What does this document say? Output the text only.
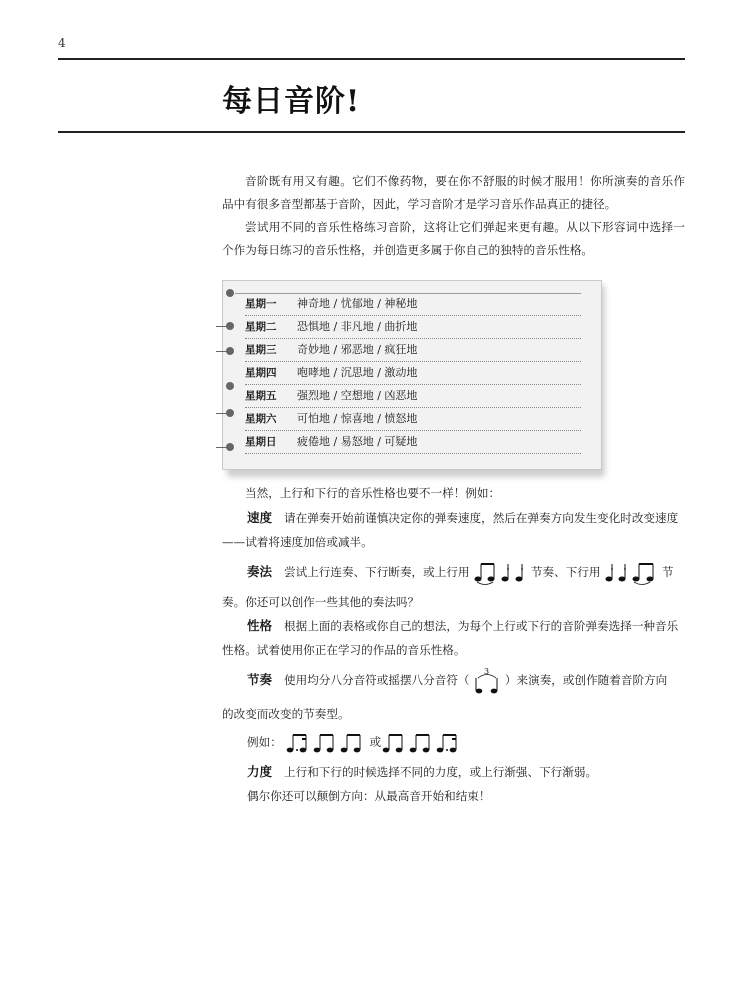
4
每日音阶!
音阶既有用又有趣。它们不像药物，要在你不舒服的时候才服用！你所演奏的音乐作品中有很多音型都基于音阶，因此，学习音阶才是学习音乐作品真正的捷径。
尝试用不同的音乐性格练习音阶，这将让它们弹起来更有趣。从以下形容词中选择一个作为每日练习的音乐性格，并创造更多属于你自己的独特的音乐性格。
星期一 神奇地 / 忧郁地 / 神秘地
星期二 恐惧地 / 非凡地 / 曲折地
星期三 奇妙地 / 邪恶地 / 疯狂地
星期四 咆哮地 / 沉思地 / 激动地
星期五 强烈地 / 空想地 / 凶恶地
星期六 可怕地 / 惊喜地 / 愤怒地
星期日 疲倦地 / 易怒地 / 可疑地
当然，上行和下行的音乐性格也要不一样！例如：
速度 请在弹奏开始前谨慎决定你的弹奏速度，然后在弹奏方向发生变化时改变速度——试着将速度加倍或减半。
奏法 尝试上行连奏、下行断奏，或上行用	节奏、下行用	节
奏。你还可以创作一些其他的奏法吗？
性格 根据上面的表格或你自己的想法，为每个上行或下行的音阶弹奏选择一种音乐性格。试着使用你正在学习的作品的音乐性格。
节奏 使用均分八分音符或摇摆八分音符（
3
）来演奏，或创作随着音阶方向
的改变而改变的节奏型。
例如：	或
力度 上行和下行的时候选择不同的力度，或上行渐强、下行渐弱。
偶尔你还可以颠倒方向：从最高音开始和结束！
